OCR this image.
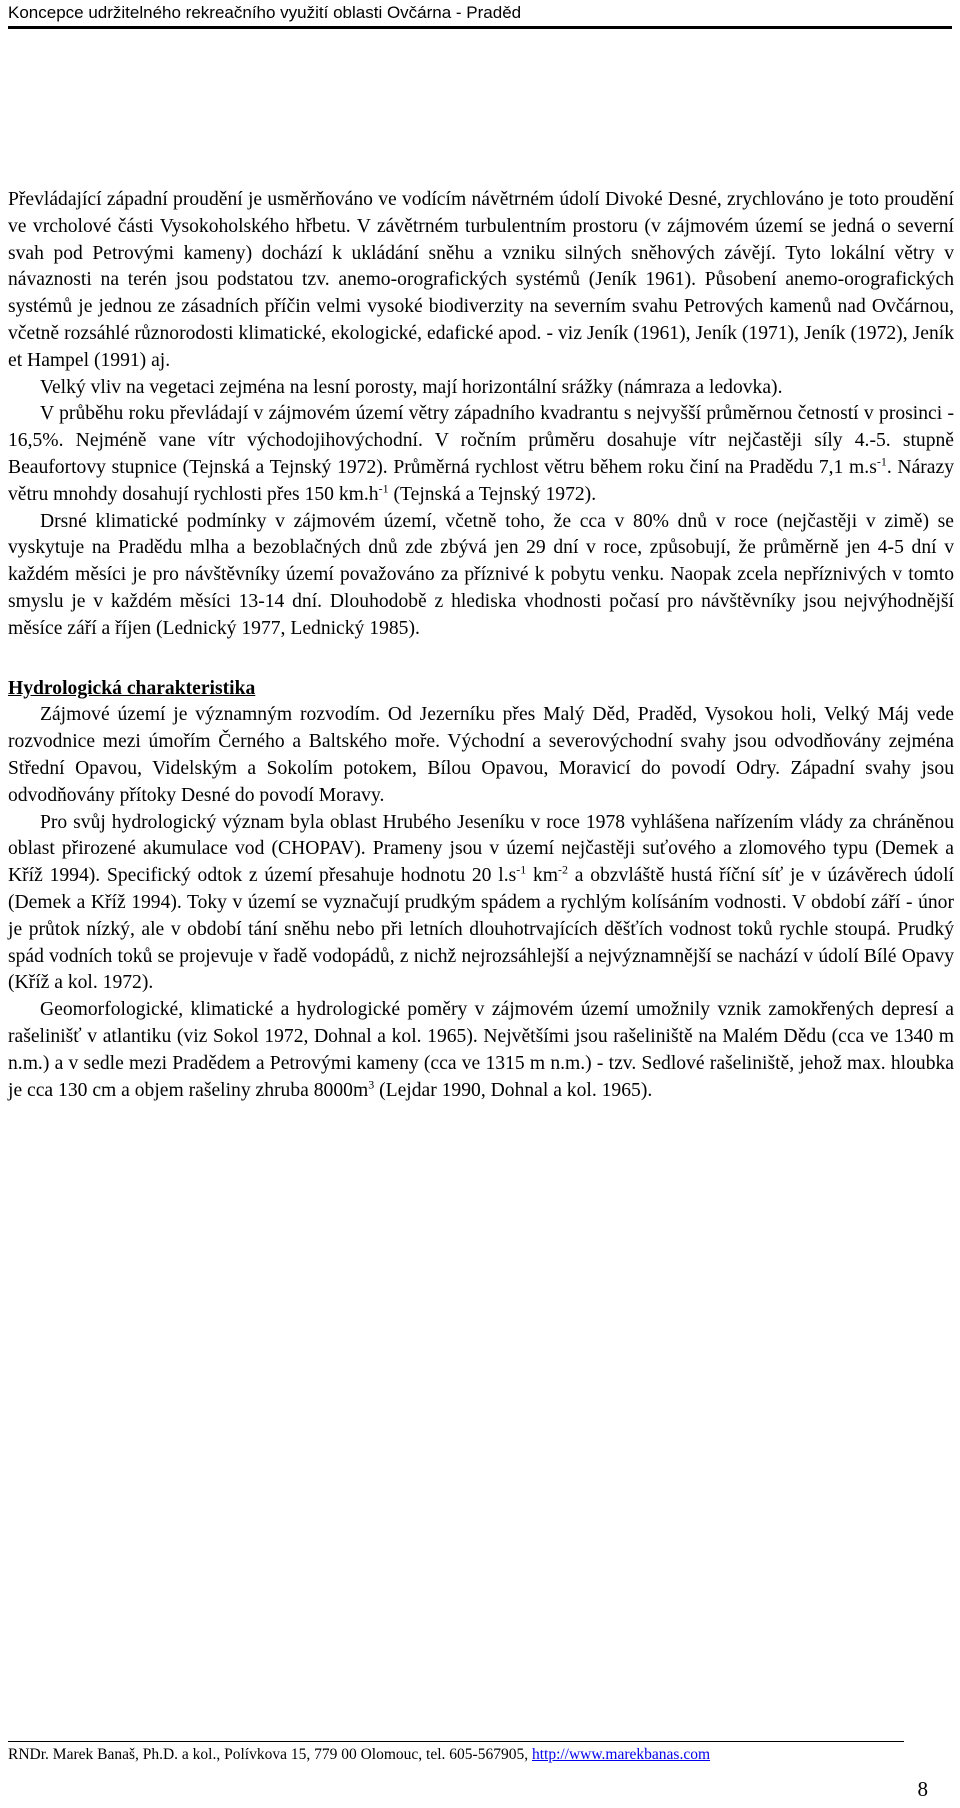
Koncepce udržitelného rekreačního využití oblasti Ovčárna - Praděd

Převládající západní proudění je usměrňováno ve vodícím návětrném údolí Divoké Desné, zrychlováno je toto proudění ve vrcholové části Vysokoholského hřbetu. V závětrném turbulentním prostoru (v zájmovém území se jedná o severní svah pod Petrovými kameny) dochází k ukládání sněhu a vzniku silných sněhových závějí. Tyto lokální větry v návaznosti na terén jsou podstatou tzv. anemo-orografických systémů (Jeník 1961). Působení anemo-orografických systémů je jednou ze zásadních příčin velmi vysoké biodiverzity na severním svahu Petrových kamenů nad Ovčárnou, včetně rozsáhlé různorodosti klimatické, ekologické, edafické apod. - viz Jeník (1961), Jeník (1971), Jeník (1972), Jeník et Hampel (1991) aj.

Velký vliv na vegetaci zejména na lesní porosty, mají horizontální srážky (námraza a ledovka).

V průběhu roku převládají v zájmovém území větry západního kvadrantu s nejvyšší průměrnou četností v prosinci - 16,5%. Nejméně vane vítr východojihovýchodní. V ročním průměru dosahuje vítr nejčastěji síly 4.-5. stupně Beaufortovy stupnice (Tejnská a Tejnský 1972). Průměrná rychlost větru během roku činí na Pradědu 7,1 $m.s^{-1}$. Nárazy větru mnohdy dosahují rychlosti přes 150 $km.h^{-1}$ (Tejnská a Tejnský 1972).

Drsné klimatické podmínky v zájmovém území, včetně toho, že cca v 80% dnů v roce (nejčastěji v zimě) se vyskytuje na Pradědu mlha a bezoblačných dnů zde zbývá jen 29 dní v roce, způsobují, že průměrně jen 4-5 dní v každém měsíci je pro návštěvníky území považováno za příznivé k pobytu venku. Naopak zcela nepříznivých v tomto smyslu je v každém měsíci 13-14 dní. Dlouhodobě z hlediska vhodnosti počasí pro návštěvníky jsou nejvýhodnější měsíce září a říjen (Lednický 1977, Lednický 1985).

Hydrologická charakteristika

Zájmové území je významným rozvodím. Od Jezerníku přes Malý Děd, Praděd, Vysokou holi, Velký Máj vede rozvodnice mezi úmořím Černého a Baltského moře. Východní a severovýchodní svahy jsou odvodňovány zejména Střední Opavou, Videlským a Sokolím potokem, Bílou Opavou, Moravicí do povodí Odry. Západní svahy jsou odvodňovány přítoky Desné do povodí Moravy.

Pro svůj hydrologický význam byla oblast Hrubého Jeseníku v roce 1978 vyhlášena nařízením vlády za chráněnou oblast přirozené akumulace vod (CHOPAV). Prameny jsou v území nejčastěji suťového a zlomového typu (Demek a Kříž 1994). Specifický odtok z území přesahuje hodnotu 20 $l.s^{-1}$ $km^{-2}$ a obzvláště hustá říční síť je v úzávěrech údolí (Demek a Kříž 1994). Toky v území se vyznačují prudkým spádem a rychlým kolísáním vodnosti. V období září - únor je průtok nízký, ale v období tání sněhu nebo při letních dlouhotrvajících děšťích vodnost toků rychle stoupá. Prudký spád vodních toků se projevuje v řadě vodopádů, z nichž nejrozsáhlejší a nejvýznamnější se nachází v údolí Bílé Opavy (Kříž a kol. 1972).

Geomorfologické, klimatické a hydrologické poměry v zájmovém území umožnily vznik zamokřených depresí a rašelinišť v atlantiku (viz Sokol 1972, Dohnal a kol. 1965). Největšími jsou rašeliniště na Malém Dědu (cca ve 1340 m n.m.) a v sedle mezi Pradědem a Petrovými kameny (cca ve 1315 m n.m.) - tzv. Sedlové rašeliniště, jehož max. hloubka je cca 130 cm a objem rašeliny zhruba $8000m^3$ (Lejdar 1990, Dohnal a kol. 1965).

RNDr. Marek Banaš, Ph.D. a kol., Polívkova 15, 779 00 Olomouc, tel. 605-567905, http://www.marekbanas.com
8
